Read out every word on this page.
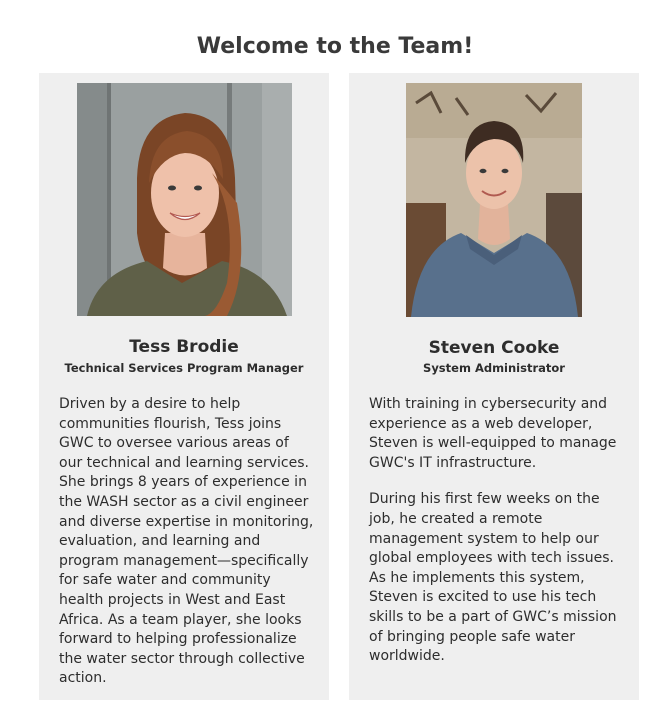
Welcome to the Team!
Tess Brodie
Technical Services Program Manager

Driven by a desire to help communities flourish, Tess joins GWC to oversee various areas of our technical and learning services. She brings 8 years of experience in the WASH sector as a civil engineer and diverse expertise in monitoring, evaluation, and learning and program management—specifically for safe water and community health projects in West and East Africa. As a team player, she looks forward to helping professionalize the water sector through collective action.

Steven Cooke
System Administrator

With training in cybersecurity and experience as a web developer, Steven is well-equipped to manage GWC's IT infrastructure.

During his first few weeks on the job, he created a remote management system to help our global employees with tech issues. As he implements this system, Steven is excited to use his tech skills to be a part of GWC’s mission of bringing people safe water worldwide.
